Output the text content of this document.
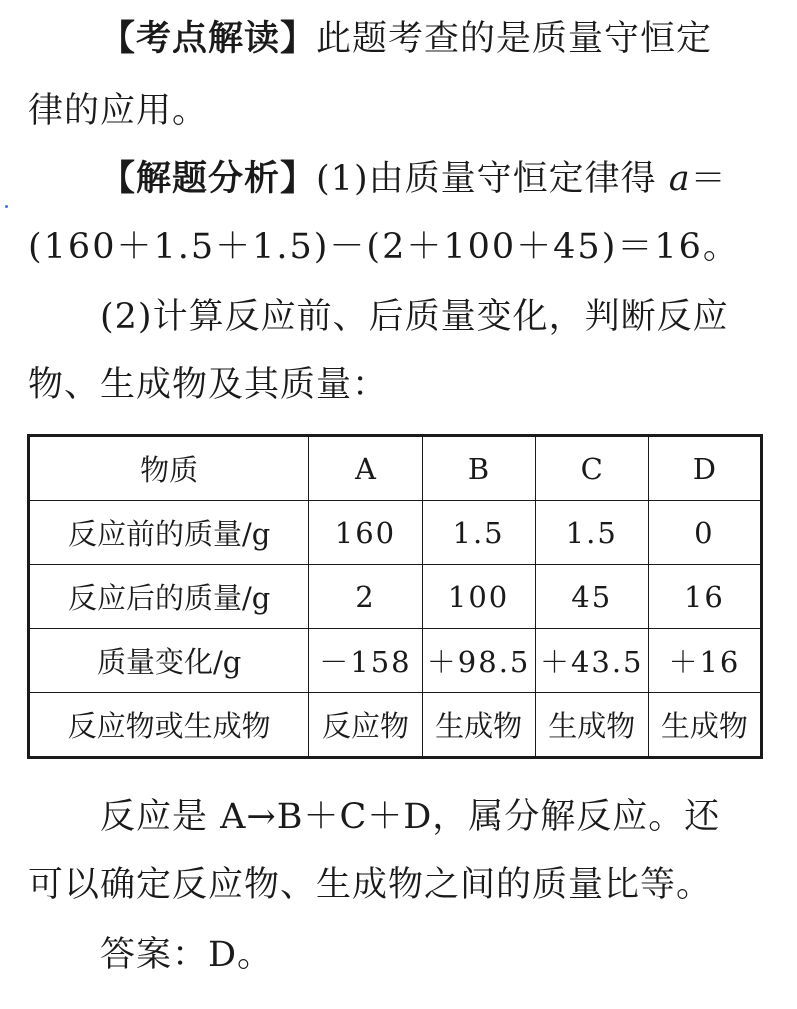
【考点解读】此题考查的是质量守恒定
律的应用。
【解题分析】(1)由质量守恒定律得 a＝
(160＋1.5＋1.5)－(2＋100＋45)＝16。
(2)计算反应前、后质量变化，判断反应
物、生成物及其质量：
物质	A	B	C	D
反应前的质量/g	160	1.5	1.5	0
反应后的质量/g	2	100	45	16
质量变化/g	－158	＋98.5	＋43.5	＋16
反应物或生成物	反应物	生成物	生成物	生成物
反应是 A→B＋C＋D，属分解反应。还
可以确定反应物、生成物之间的质量比等。
答案：D。
